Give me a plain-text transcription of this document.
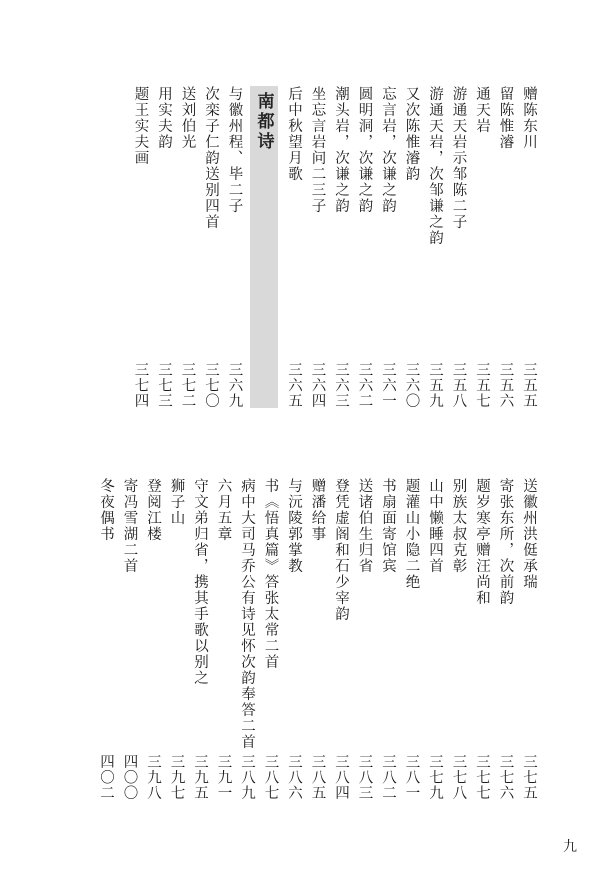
赠陈东川
三五五
留陈惟濬
三五六
通天岩
三五七
游通天岩示邹陈二子
三五八
游通天岩，次邹谦之韵
三五九
又次陈惟濬韵
三六〇
忘言岩，次谦之韵
三六一
圆明洞，次谦之韵
三六二
潮头岩，次谦之韵
三六三
坐忘言岩问二三子
三六四
后中秋望月歌
三六五
南都诗
与徽州程、毕二子
三六九
次栾子仁韵送别四首
三七〇
送刘伯光
三七二
用实夫韵
三七三
题王实夫画
三七四
送徽州洪侹承瑞
三七五
寄张东所，次前韵
三七六
题岁寒亭赠汪尚和
三七七
别族太叔克彰
三七八
山中懒睡四首
三七九
题灌山小隐二绝
三八一
书扇面寄馆宾
三八二
送诸伯生归省
三八三
登凭虚阁和石少宰韵
三八四
赠潘给事
三八五
与沅陵郭掌教
三八六
书《悟真篇》答张太常二首
三八七
病中大司马乔公有诗见怀次韵奉答二首
三八九
六月五章
三九一
守文弟归省，携其手歌以别之
三九五
狮子山
三九七
登阅江楼
三九八
寄冯雪湖二首
四〇〇
冬夜偶书
四〇二
九
